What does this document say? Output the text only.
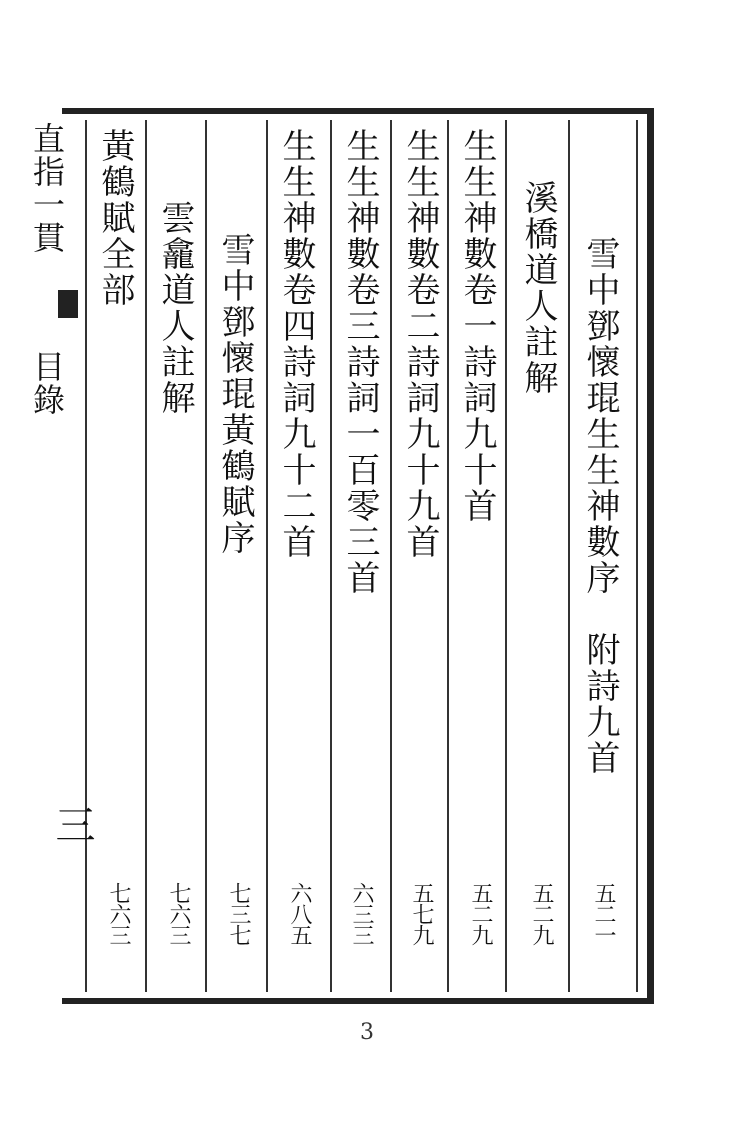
直指一貫
目錄
三
雪中鄧懷琨生生神數序　附詩九首
溪橋道人註解
生生神數卷一詩詞九十首
生生神數卷二詩詞九十九首
生生神數卷三詩詞一百零三首
生生神數卷四詩詞九十二首
雪中鄧懷琨黃鶴賦序
雲龕道人註解
黃鶴賦全部
五二一
五二九
五二九
五七九
六三三
六八五
七三七
七六三
七六三
3
